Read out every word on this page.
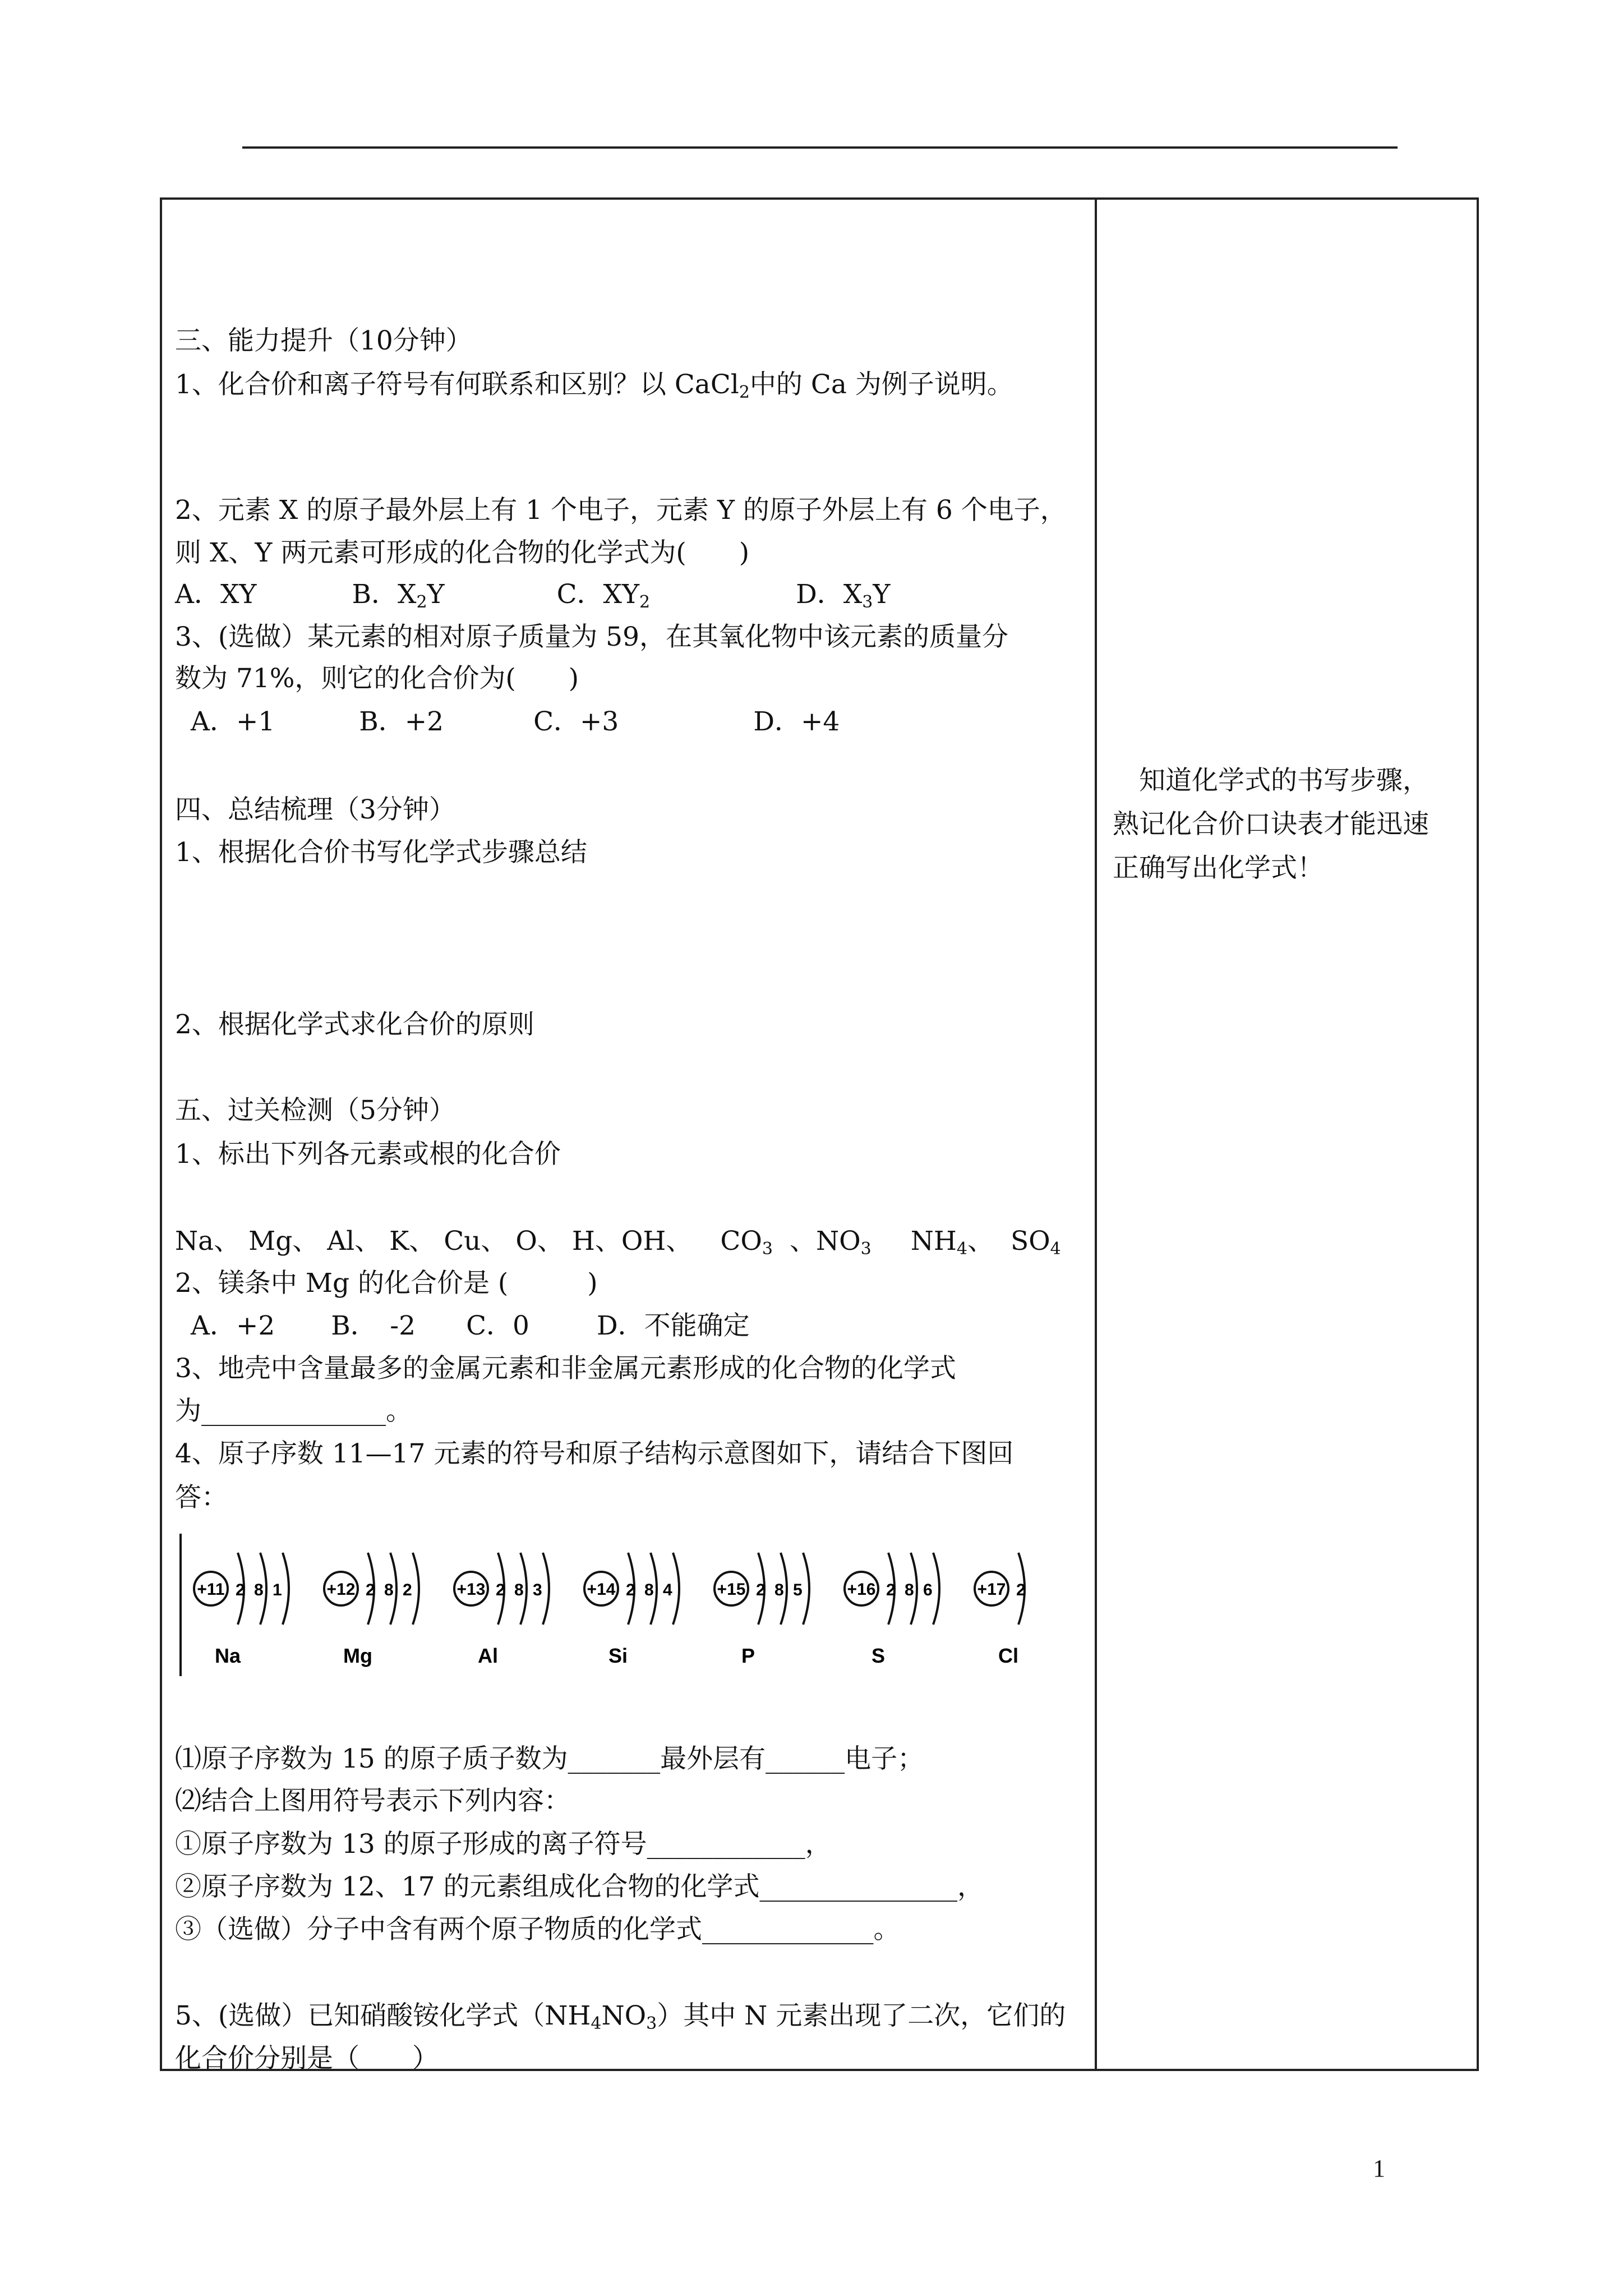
三、能力提升（10分钟）
1、化合价和离子符号有何联系和区别？以 CaCl$_2$中的 Ca 为例子说明。
2、元素 X 的原子最外层上有 1 个电子，元素 Y 的原子外层上有 6 个电子，
则 X、Y 两元素可形成的化合物的化学式为(　　)
A．XY	B．$X_2Y$	C．$XY_2$	D．$X_3Y$
3、(选做）某元素的相对原子质量为 59，在其氧化物中该元素的质量分
数为 71%，则它的化合价为(　　)
A．+1	B．+2	C．+3	D．+4
四、总结梳理（3分钟）
1、根据化合价书写化学式步骤总结
2、根据化学式求化合价的原则
五、过关检测（5分钟）
1、标出下列各元素或根的化合价
Na、 Mg、 Al、 K、 Cu、 O、 H、OH、 $CO_3$ 、$NO_3$ $NH_4$、 $SO_4$
2、镁条中 Mg 的化合价是 (　　　)
A．+2 B．　-2 C．0	D．不能确定
3、地壳中含量最多的金属元素和非金属元素形成的化合物的化学式
为______________。
4、原子序数 11—17 元素的符号和原子结构示意图如下，请结合下图回
答：
+11 2 8 1
Na
+12 2 8 2
Mg
+13 2 8 3
Al
+14 2 8 4
Si
+15 2 8 5
P
+16 2 8 6
S
+17 2
Cl
⑴原子序数为 15 的原子质子数为_______最外层有______电子；
⑵结合上图用符号表示下列内容：
①原子序数为 13 的原子形成的离子符号____________，
②原子序数为 12、17 的元素组成化合物的化学式_______________，
③（选做）分子中含有两个原子物质的化学式_____________。
5、(选做）已知硝酸铵化学式$(NH_4NO_3)$其中 N 元素出现了二次，它们的
化合价分别是（　　）
　知道化学式的书写步骤，
熟记化合价口诀表才能迅速
正确写出化学式！
1
